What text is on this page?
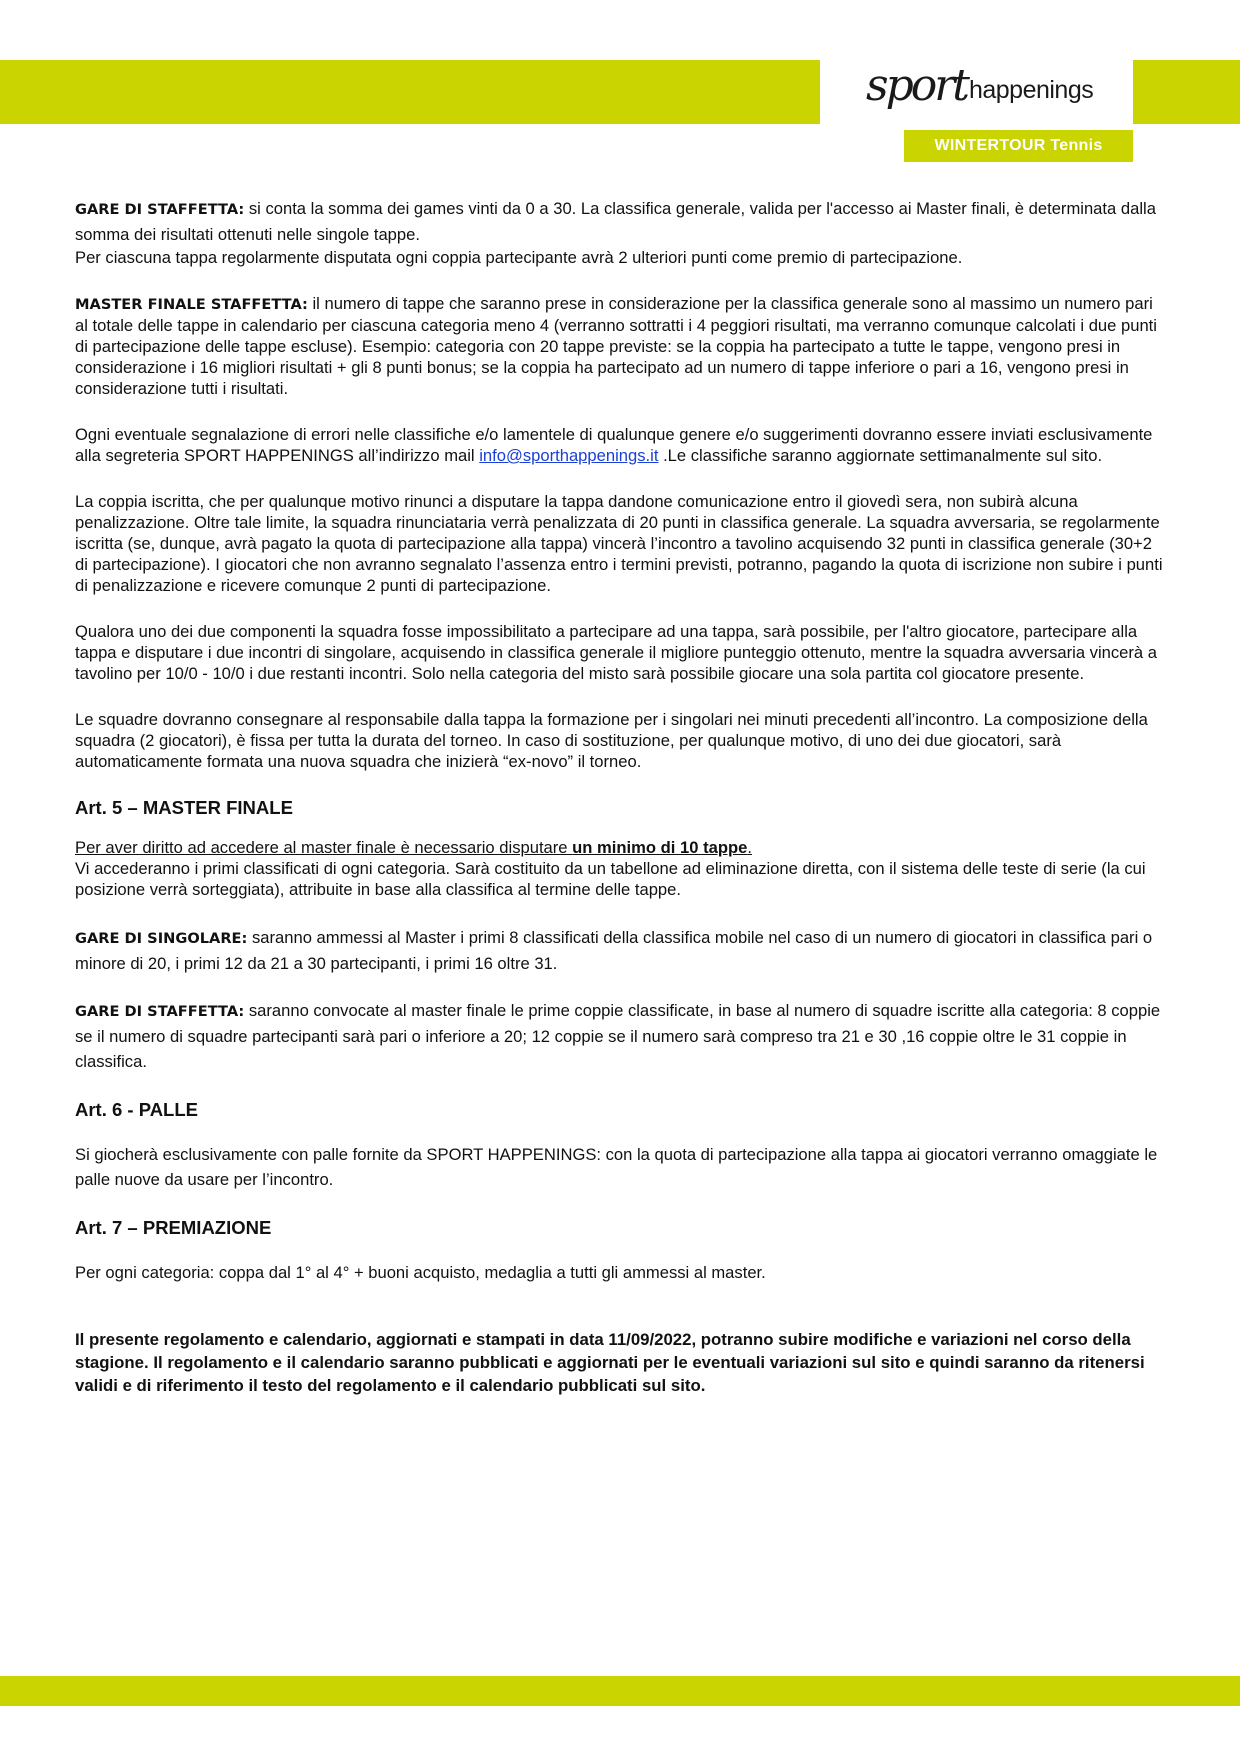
sport happenings
WINTERTOUR Tennis

GARE DI STAFFETTA: si conta la somma dei games vinti da 0 a 30. La classifica generale, valida per l'accesso ai Master finali, è determinata dalla somma dei risultati ottenuti nelle singole tappe.

Per ciascuna tappa regolarmente disputata ogni coppia partecipante avrà 2 ulteriori punti come premio di partecipazione.

MASTER FINALE STAFFETTA: il numero di tappe che saranno prese in considerazione per la classifica generale sono al massimo un numero pari al totale delle tappe in calendario per ciascuna categoria meno 4 (verranno sottratti i 4 peggiori risultati, ma verranno comunque calcolati i due punti di partecipazione delle tappe escluse). Esempio: categoria con 20 tappe previste: se la coppia ha partecipato a tutte le tappe, vengono presi in considerazione i 16 migliori risultati + gli 8 punti bonus; se la coppia ha partecipato ad un numero di tappe inferiore o pari a 16, vengono presi in considerazione tutti i risultati.

Ogni eventuale segnalazione di errori nelle classifiche e/o lamentele di qualunque genere e/o suggerimenti dovranno essere inviati esclusivamente alla segreteria SPORT HAPPENINGS all’indirizzo mail info@sporthappenings.it .Le classifiche saranno aggiornate settimanalmente sul sito.

La coppia iscritta, che per qualunque motivo rinunci a disputare la tappa dandone comunicazione entro il giovedì sera, non subirà alcuna penalizzazione. Oltre tale limite, la squadra rinunciataria verrà penalizzata di 20 punti in classifica generale. La squadra avversaria, se regolarmente iscritta (se, dunque, avrà pagato la quota di partecipazione alla tappa) vincerà l’incontro a tavolino acquisendo 32 punti in classifica generale (30+2 di partecipazione). I giocatori che non avranno segnalato l’assenza entro i termini previsti, potranno, pagando la quota di iscrizione non subire i punti di penalizzazione e ricevere comunque 2 punti di partecipazione.

Qualora uno dei due componenti la squadra fosse impossibilitato a partecipare ad una tappa, sarà possibile, per l'altro giocatore, partecipare alla tappa e disputare i due incontri di singolare, acquisendo in classifica generale il migliore punteggio ottenuto, mentre la squadra avversaria vincerà a tavolino per 10/0 - 10/0 i due restanti incontri. Solo nella categoria del misto sarà possibile giocare una sola partita col giocatore presente.

Le squadre dovranno consegnare al responsabile dalla tappa la formazione per i singolari nei minuti precedenti all’incontro. La composizione della squadra (2 giocatori), è fissa per tutta la durata del torneo. In caso di sostituzione, per qualunque motivo, di uno dei due giocatori, sarà automaticamente formata una nuova squadra che inizierà “ex-novo” il torneo.

Art. 5 – MASTER FINALE

Per aver diritto ad accedere al master finale è necessario disputare un minimo di 10 tappe.

Vi accederanno i primi classificati di ogni categoria. Sarà costituito da un tabellone ad eliminazione diretta, con il sistema delle teste di serie (la cui posizione verrà sorteggiata), attribuite in base alla classifica al termine delle tappe.

GARE DI SINGOLARE: saranno ammessi al Master i primi 8 classificati della classifica mobile nel caso di un numero di giocatori in classifica pari o minore di 20, i primi 12 da 21 a 30 partecipanti, i primi 16 oltre 31.

GARE DI STAFFETTA: saranno convocate al master finale le prime coppie classificate, in base al numero di squadre iscritte alla categoria: 8 coppie se il numero di squadre partecipanti sarà pari o inferiore a 20; 12 coppie se il numero sarà compreso tra 21 e 30 ,16 coppie oltre le 31 coppie in classifica.

Art. 6 - PALLE

Si giocherà esclusivamente con palle fornite da SPORT HAPPENINGS: con la quota di partecipazione alla tappa ai giocatori verranno omaggiate le palle nuove da usare per l’incontro.

Art. 7 – PREMIAZIONE

Per ogni categoria: coppa dal 1° al 4° + buoni acquisto, medaglia a tutti gli ammessi al master.

Il presente regolamento e calendario, aggiornati e stampati in data 11/09/2022, potranno subire modifiche e variazioni nel corso della stagione. Il regolamento e il calendario saranno pubblicati e aggiornati per le eventuali variazioni sul sito e quindi saranno da ritenersi validi e di riferimento il testo del regolamento e il calendario pubblicati sul sito.
